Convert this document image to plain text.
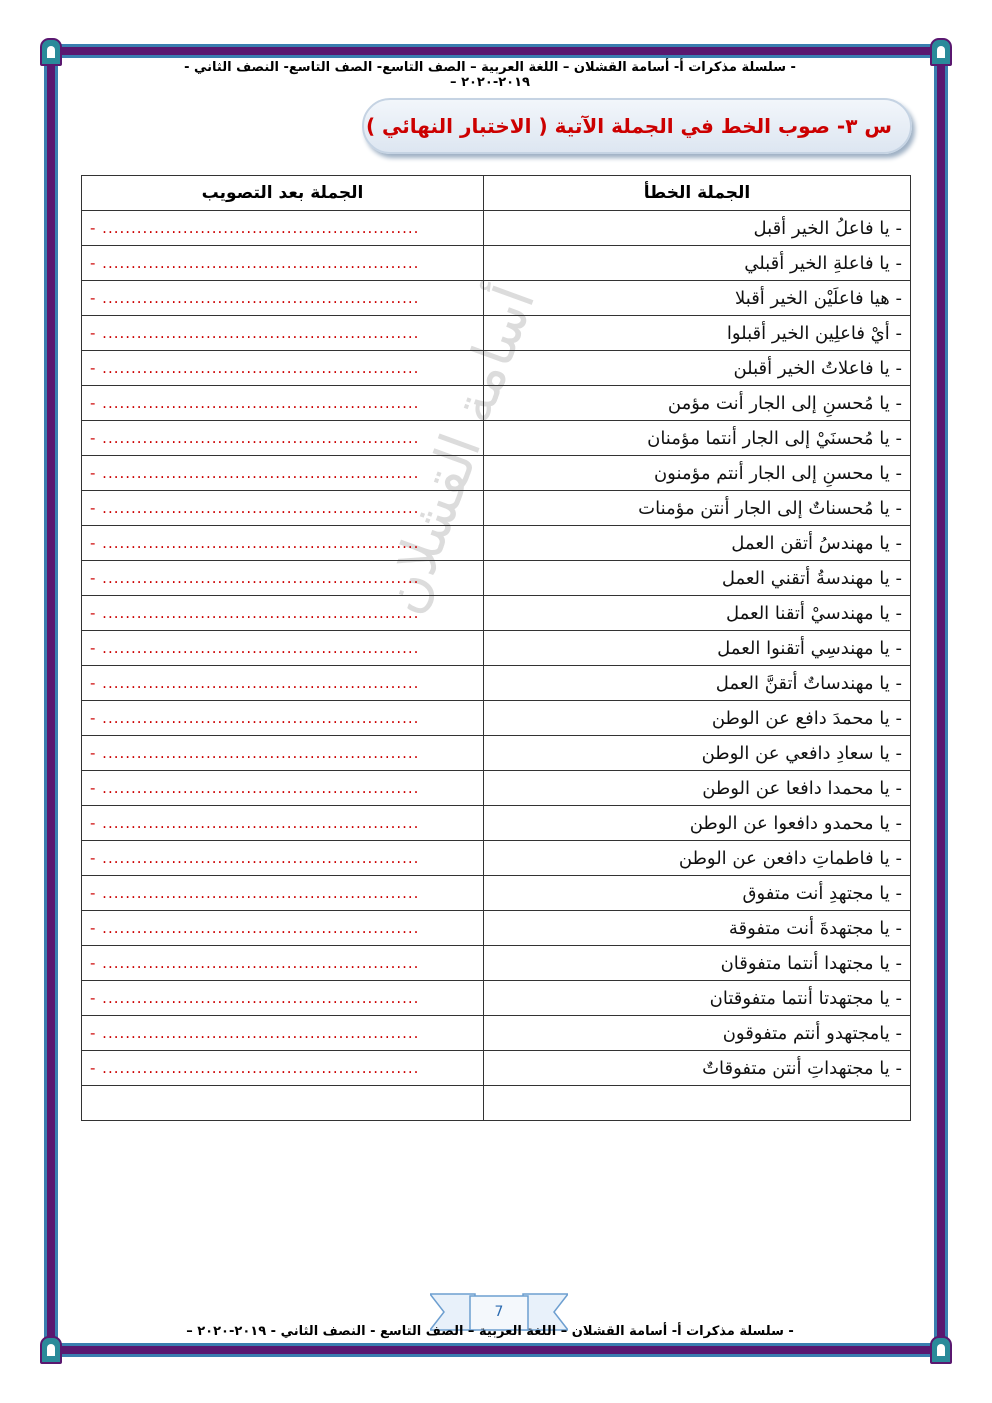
- سلسلة مذكرات أ- أسامة القشلان – اللغة العربية – الصف التاسع- الصف التاسع- النصف الثاني - ٢٠١٩-٢٠٢٠ –
س ٣- صوب الخط في الجملة الآتية ( الاختبار النهائي )
أسامة القشلان
الجملة بعد التصويب	الجملة الخطأ
- .......................................................	- يا فاعلُ الخير أقبل
- .......................................................	- يا فاعلةِ الخير أقبلي
- .......................................................	- هيا فاعلَيْن الخير أقبلا
- .......................................................	- أيْ فاعلِين الخير أقبلوا
- .......................................................	- يا فاعلاتُ الخير أقبلن
- .......................................................	- يا مُحسنِ إلى الجار أنت مؤمن
- .......................................................	- يا مُحسنَيْ إلى الجار أنتما مؤمنان
- .......................................................	- يا محسنِ إلى الجار أنتم مؤمنون
- .......................................................	- يا مُحسناتٌ إلى الجار أنتن مؤمنات
- .......................................................	- يا مهندسُ أتقن العمل
- .......................................................	- يا مهندسةُ أتقني العمل
- .......................................................	- يا مهندسيْ أتقنا العمل
- .......................................................	- يا مهندسِي أتقنوا العمل
- .......................................................	- يا مهندساتٌ أتقنَّ العمل
- .......................................................	- يا محمدَ دافع عن الوطن
- .......................................................	- يا سعادِ دافعي عن الوطن
- .......................................................	- يا محمدا دافعا عن الوطن
- .......................................................	- يا محمدو دافعوا عن الوطن
- .......................................................	- يا فاطماتِ دافعن عن الوطن
- .......................................................	- يا مجتهدِ أنت متفوق
- .......................................................	- يا مجتهدةَ أنت متفوقة
- .......................................................	- يا مجتهدا أنتما متفوقان
- .......................................................	- يا مجتهدتا أنتما متفوقتان
- .......................................................	- يامجتهدو أنتم متفوقون
- .......................................................	- يا مجتهداتِ أنتن متفوقاتٌ

7
- سلسلة مذكرات أ- أسامة القشلان – اللغة العربية – الصف التاسع - النصف الثاني - ٢٠١٩-٢٠٢٠ –
